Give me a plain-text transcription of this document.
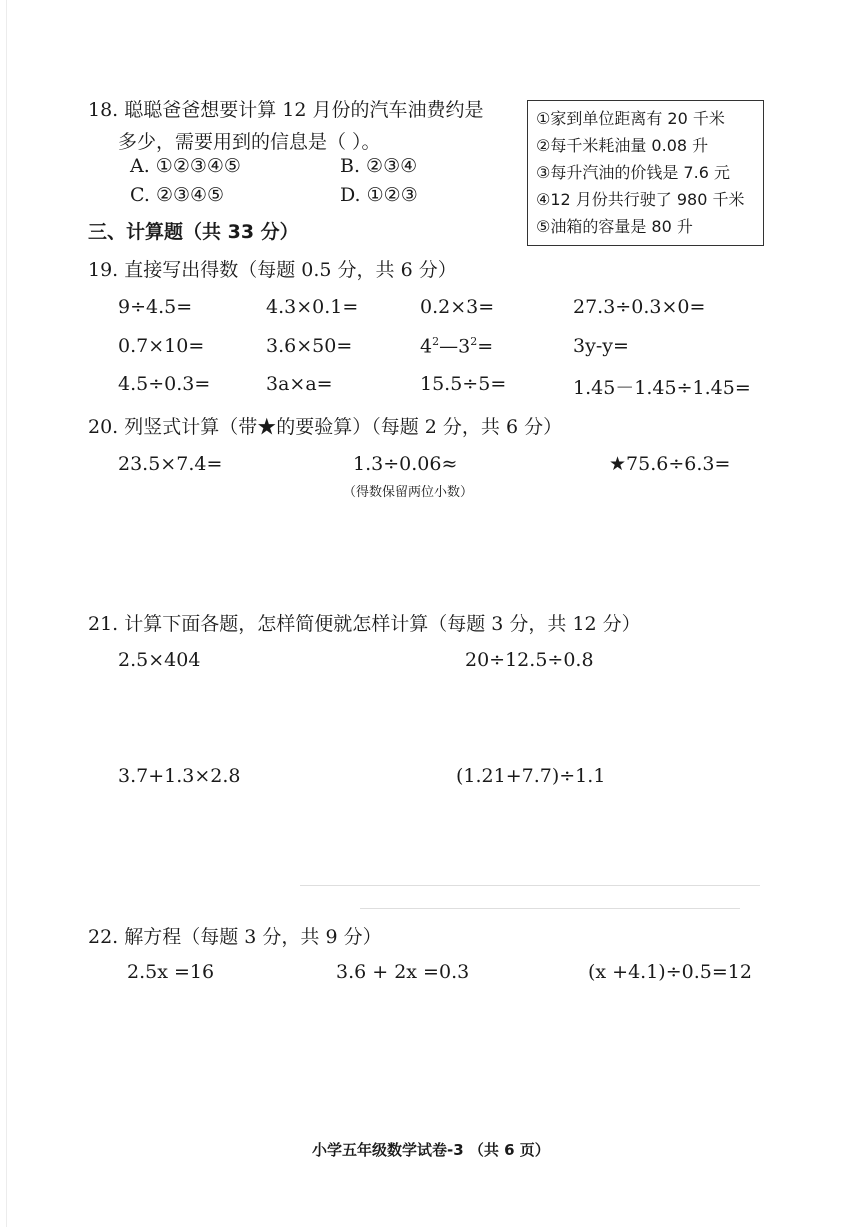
18. 聪聪爸爸想要计算 12 月份的汽车油费约是
多少，需要用到的信息是（ ）。
A. ①②③④⑤	B. ②③④
C. ②③④⑤	D. ①②③
①家到单位距离有 20 千米
②每千米耗油量 0.08 升
③每升汽油的价钱是 7.6 元
④12 月份共行驶了 980 千米
⑤油箱的容量是 80 升
三、计算题（共 33 分）
19. 直接写出得数（每题 0.5 分，共 6 分）
9÷4.5=	4.3×0.1=	0.2×3=	27.3÷0.3×0=
0.7×10=	3.6×50=	$4^2—3^2=$	3y-y=
4.5÷0.3=	3a×a=	15.5÷5=	1.45－1.45÷1.45=
20. 列竖式计算（带★的要验算）（每题 2 分，共 6 分）
23.5×7.4=	1.3÷0.06≈	★75.6÷6.3=
（得数保留两位小数）
21. 计算下面各题，怎样简便就怎样计算（每题 3 分，共 12 分）
2.5×404	20÷12.5÷0.8
3.7+1.3×2.8	(1.21+7.7)÷1.1
22. 解方程（每题 3 分，共 9 分）
2.5x =16	3.6 + 2x =0.3	(x +4.1)÷0.5=12
小学五年级数学试卷-3 （共 6 页）
